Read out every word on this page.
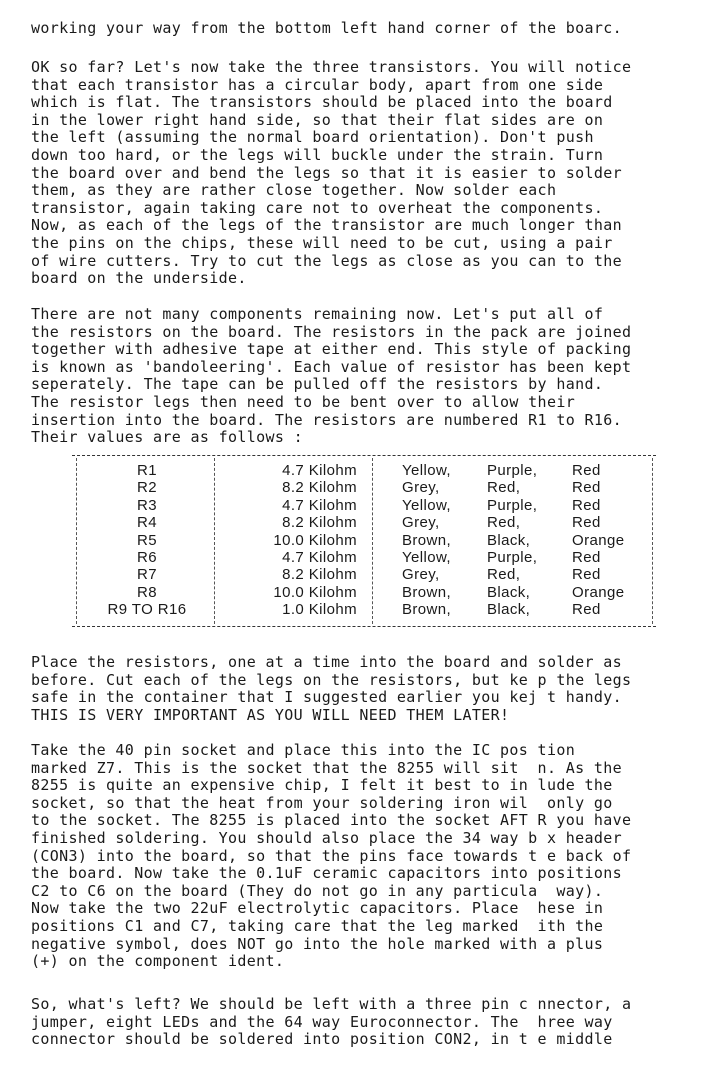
working your way from the bottom left hand corner of the boarc.
OK so far? Let's now take the three transistors. You will notice
that each transistor has a circular body, apart from one side
which is flat. The transistors should be placed into the board
in the lower right hand side, so that their flat sides are on
the left (assuming the normal board orientation). Don't push
down too hard, or the legs will buckle under the strain. Turn
the board over and bend the legs so that it is easier to solder
them, as they are rather close together. Now solder each
transistor, again taking care not to overheat the components.
Now, as each of the legs of the transistor are much longer than
the pins on the chips, these will need to be cut, using a pair
of wire cutters. Try to cut the legs as close as you can to the
board on the underside.
There are not many components remaining now. Let's put all of
the resistors on the board. The resistors in the pack are joined
together with adhesive tape at either end. This style of packing
is known as 'bandoleering'. Each value of resistor has been kept
seperately. The tape can be pulled off the resistors by hand.
The resistor legs then need to be bent over to allow their
insertion into the board. The resistors are numbered R1 to R16.
Their values are as follows :
R1	4.7 Kilohm	Yellow, Purple, Red
R2	8.2 Kilohm	Grey,	Red,	Red
R3	4.7 Kilohm	Yellow, Purple, Red
R4	8.2 Kilohm	Grey,	Red,	Red
R5	10.0 Kilohm	Brown, Black,	Orange
R6	4.7 Kilohm	Yellow, Purple, Red
R7	8.2 Kilohm	Grey,	Red,	Red
R8	10.0 Kilohm	Brown, Black,	Orange
R9 TO R16	1.0 Kilohm	Brown, Black,	Red
Place the resistors, one at a time into the board and solder as
before. Cut each of the legs on the resistors, but ke p the legs
safe in the container that I suggested earlier you kej t handy.
THIS IS VERY IMPORTANT AS YOU WILL NEED THEM LATER!
Take the 40 pin socket and place this into the IC pos tion
marked Z7. This is the socket that the 8255 will sit  n. As the
8255 is quite an expensive chip, I felt it best to in lude the
socket, so that the heat from your soldering iron wil  only go
to the socket. The 8255 is placed into the socket AFT R you have
finished soldering. You should also place the 34 way b x header
(CON3) into the board, so that the pins face towards t e back of
the board. Now take the 0.1uF ceramic capacitors into positions
C2 to C6 on the board (They do not go in any particula  way).
Now take the two 22uF electrolytic capacitors. Place  hese in
positions C1 and C7, taking care that the leg marked  ith the
negative symbol, does NOT go into the hole marked with a plus
(+) on the component ident.
So, what's left? We should be left with a three pin c nnector, a
jumper, eight LEDs and the 64 way Euroconnector. The  hree way
connector should be soldered into position CON2, in t e middle
